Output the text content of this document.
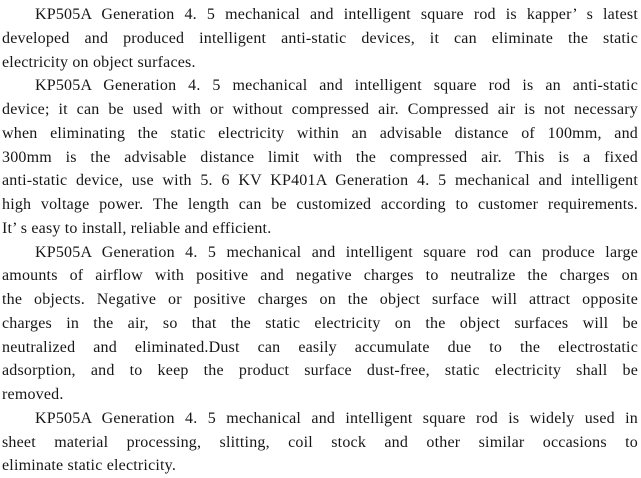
KP505A Generation 4. 5 mechanical and intelligent square rod is kapper’ s latest
developed and produced intelligent anti-static devices, it can eliminate the static
electricity on object surfaces.
KP505A Generation 4. 5 mechanical and intelligent square rod is an anti-static
device; it can be used with or without compressed air. Compressed air is not necessary
when eliminating the static electricity within an advisable distance of 100mm, and
300mm is the advisable distance limit with the compressed air. This is a fixed
anti-static device, use with 5. 6 KV KP401A Generation 4. 5 mechanical and intelligent
high voltage power. The length can be customized according to customer requirements.
It’ s easy to install, reliable and efficient.
KP505A Generation 4. 5 mechanical and intelligent square rod can produce large
amounts of airflow with positive and negative charges to neutralize the charges on
the objects. Negative or positive charges on the object surface will attract opposite
charges in the air, so that the static electricity on the object surfaces will be
neutralized and eliminated.Dust can easily accumulate due to the electrostatic
adsorption, and to keep the product surface dust-free, static electricity shall be
removed.
KP505A Generation 4. 5 mechanical and intelligent square rod is widely used in
sheet material processing, slitting, coil stock and other similar occasions to
eliminate static electricity.
